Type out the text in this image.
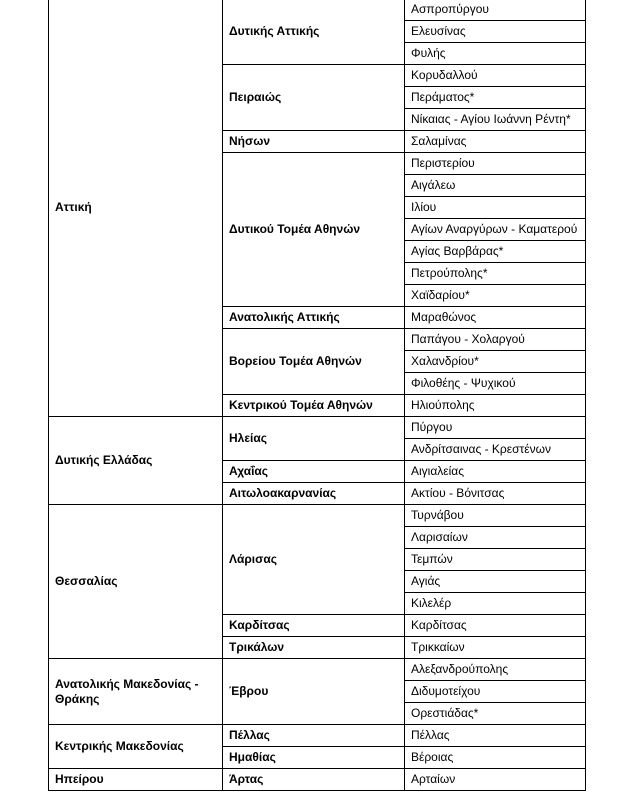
Αττική	Δυτικής Αττικής	Ασπροπύργου
		Ελευσίνας
		Φυλής
	Πειραιώς	Κορυδαλλού
		Περάματος*
		Νίκαιας - Αγίου Ιωάννη Ρέντη*
	Νήσων	Σαλαμίνας
	Δυτικού Τομέα Αθηνών	Περιστερίου
		Αιγάλεω
		Ιλίου
		Αγίων Αναργύρων - Καματερού
		Αγίας Βαρβάρας*
		Πετρούπολης*
		Χαϊδαρίου*
	Ανατολικής Αττικής	Μαραθώνος
	Βορείου Τομέα Αθηνών	Παπάγου - Χολαργού
		Χαλανδρίου*
		Φιλοθέης - Ψυχικού
	Κεντρικού Τομέα Αθηνών	Ηλιούπολης
Δυτικής Ελλάδας	Ηλείας	Πύργου
		Ανδρίτσαινας - Κρεστένων
	Αχαΐας	Αιγιαλείας
	Αιτωλοακαρνανίας	Ακτίου - Βόνιτσας
Θεσσαλίας	Λάρισας	Τυρνάβου
		Λαρισαίων
		Τεμπών
		Αγιάς
		Κιλελέρ
	Καρδίτσας	Καρδίτσας
	Τρικάλων	Τρικκαίων
Ανατολικής Μακεδονίας - Θράκης	Έβρου	Αλεξανδρούπολης
		Διδυμοτείχου
		Ορεστιάδας*
Κεντρικής Μακεδονίας	Πέλλας	Πέλλας
	Ημαθίας	Βέροιας
Ηπείρου	Άρτας	Αρταίων
